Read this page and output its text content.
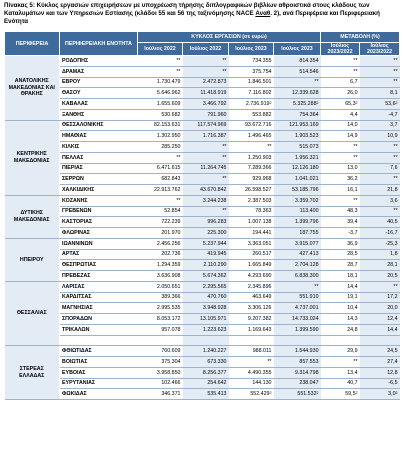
Πίνακας 5: Κύκλος εργασιών επιχειρήσεων με υποχρέωση τήρησης διπλογραφικών βιβλίων αθροιστικά στους κλάδους των Καταλυμάτων και των Υπηρεσιών Εστίασης (κλάδοι 55 και 56 της ταξινόμησης NACE Αναθ. 2), ανά Περιφέρεια και Περιφερειακή Ενότητα
ΠΕΡΙΦΕΡΕΙΑ	ΠΕΡΙΦΕΡΕΙΑΚΗ ΕΝΟΤΗΤΑ	ΚΥΚΛΟΣ ΕΡΓΑΣΙΩΝ (σε ευρώ)				ΜΕΤΑΒΟΛΗ (%)	
		Ιούλιος 2022	Ιούλιος 2022	Ιούλιος 2023	Ιούλιος 2023	Ιούλιος 2023/2022	Ιούλιος 2023/2022
ΑΝΑΤΟΛΙΚΗΣ ΜΑΚΕΔΟΝΙΑΣ ΚΑΙ ΘΡΑΚΗΣ	ΡΟΔΟΠΗΣ	**	**	734.355	814.354	**	**
	ΔΡΑΜΑΣ	**	**	375.754	514.546	**	**
	ΕΒΡΟΥ	1.730.479	2.472.873	1.846.501	**	6,7	**
	ΘΑΣΟΥ	5.646.962	11.418.919	7.116.802	12.339.628	26,0	8,1
	ΚΑΒΑΛΑΣ	1.655.609	3.466.792	2.736.919$^2$	5.325.288$^2$	65,3$^2$	53,6$^2$
	ΞΑΝΘΗΣ	530.682	791.960	553.882	754.364	4,4	-4,7
ΚΕΝΤΡΙΚΗΣ ΜΑΚΕΔΟΝΙΑΣ	ΘΕΣΣΑΛΟΝΙΚΗΣ	82.153.631	117.574.969	93.672.716	121.953.169	14,0	3,7
	ΗΜΑΘΙΑΣ	1.302.950	1.716.387	1.496.465	1.903.523	14,9	10,9
	ΚΙΛΚΙΣ	285.250	**	**	515.073	**	**
	ΠΕΛΛΑΣ	**	**	1.250.903	1.956.321	**	**
	ΠΙΕΡΙΑΣ	6.471.615	11.264.745	7.289.366	12.126.180	13,0	7,6
	ΣΕΡΡΩΝ	682.843	**	929.968	1.041.021	36,2	**
	ΧΑΛΚΙΔΙΚΗΣ	22.913.762	43.670.842	26.598.527	53.185.796	16,1	21,8
ΔΥΤΙΚΗΣ ΜΑΚΕΔΟΝΙΑΣ	ΚΟΖΑΝΗΣ	**	3.244.238	2.387.503	3.359.702	**	3,6
	ΓΡΕΒΕΝΩΝ	52.854	**	78.363	113.400	48,3	**
	ΚΑΣΤΟΡΙΑΣ	722.239	996.283	1.007.138	1.399.796	39,4	40,5
	ΦΛΩΡΙΝΑΣ	201.970	225.300	194.441	187.755	-3,7	-16,7
ΗΠΕΙΡΟΥ	ΙΩΑΝΝΙΝΩΝ	2.456.256	5.237.944	3.363.051	3.915.077	36,9	-25,3
	ΑΡΤΑΣ	202.736	419.945	260.517	427.413	28,5	1,8
	ΘΕΣΠΡΩΤΙΑΣ	1.294.359	2.110.290	1.665.849	2.704.128	28,7	28,1
	ΠΡΕΒΕΖΑΣ	3.636.908	5.674.362	4.293.690	6.838.300	18,1	20,5
ΘΕΣΣΑΛΙΑΣ	ΛΑΡΙΣΑΣ	2.050.651	2.295.565	2.345.896	**	14,4	**
	ΚΑΡΔΙΤΣΑΣ	389.366	470.760	463.649	551.910	19,1	17,2
	ΜΑΓΝΗΣΙΑΣ	2.995.535	3.948.928	3.306.126	4.737.001	10,4	20,0
	ΣΠΟΡΑΔΩΝ	8.053.172	13.105.971	9.207.382	14.733.024	14,3	12,4
	ΤΡΙΚΑΛΩΝ	957.078	1.223.623	1.169.643	1.399.590	24,8	14,4

ΣΤΕΡΕΑΣ ΕΛΛΑΔΑΣ	ΦΘΙΩΤΙΔΑΣ	760.609	1.240.227	988.011	1.544.930	29,9	24,5
	ΒΟΙΩΤΙΑΣ	375.304	673.330	**	857.553	**	27,4
	ΕΥΒΟΙΑΣ	3.958.850	8.256.377	4.490.355	9.314.798	13,4	12,8
	ΕΥΡΥΤΑΝΙΑΣ	102.466	254.642	144.130	238.047	40,7	-6,5
	ΦΩΚΙΔΑΣ	346.371	535.413	552.429$^2$	551.532$^2$	59,5$^2$	$3,0^2$
